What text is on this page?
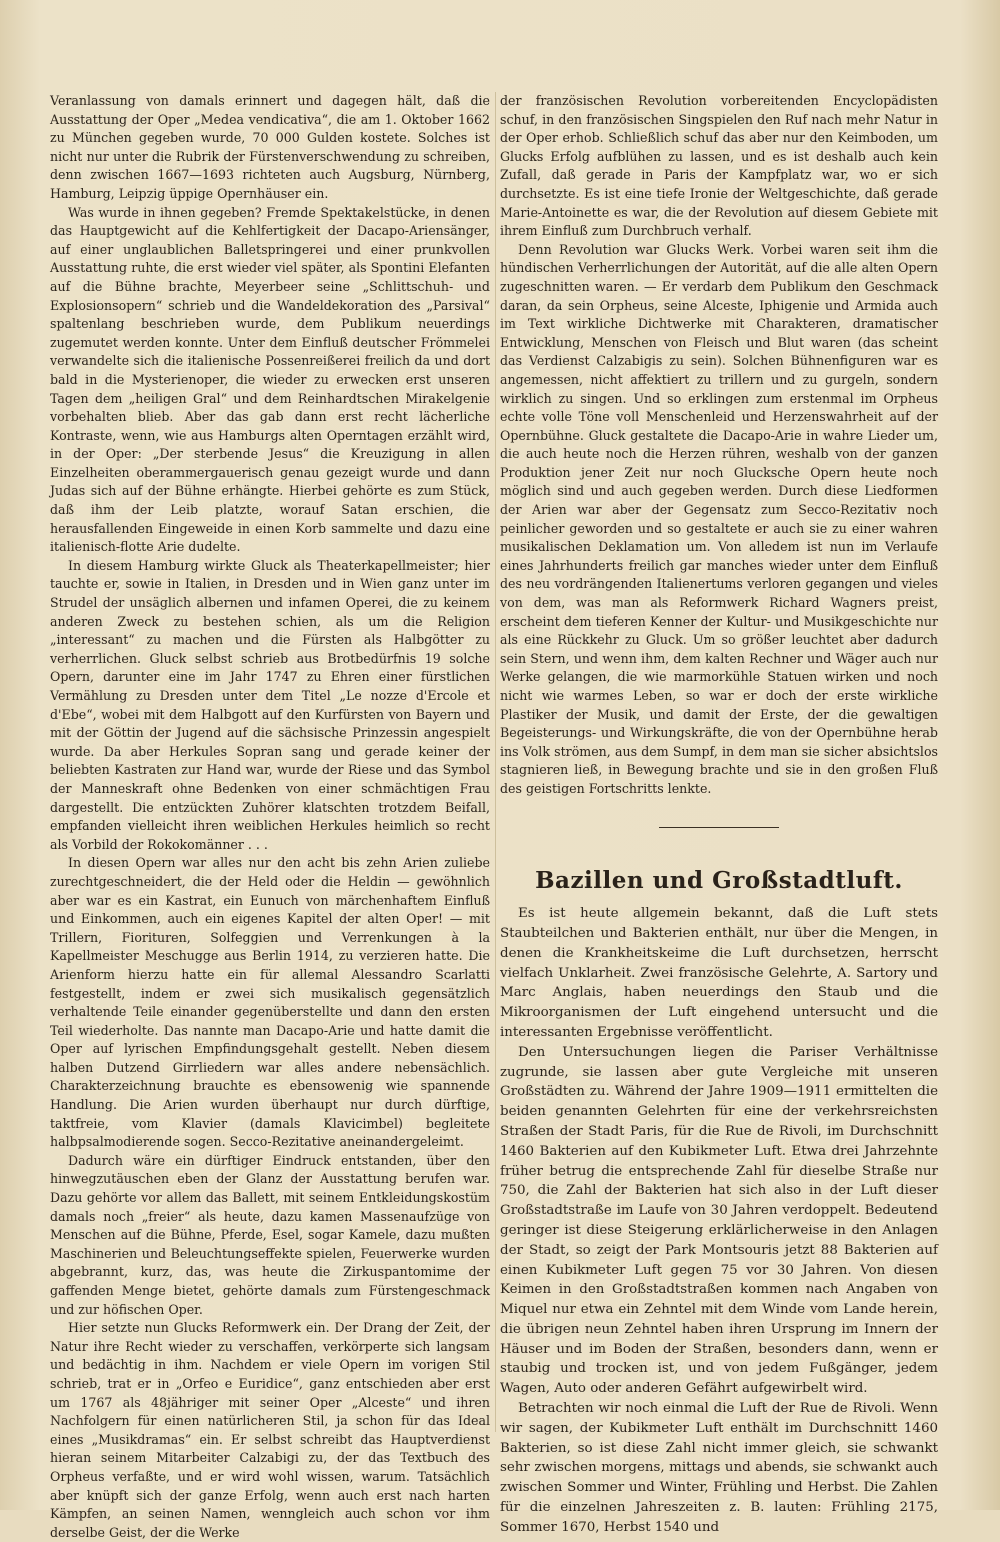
Veranlassung von damals erinnert und dagegen hält, daß die Ausstattung der Oper „Medea vendicativa“, die am 1. Oktober 1662 zu München gegeben wurde, 70 000 Gulden kostete. Solches ist nicht nur unter die Rubrik der Fürstenverschwendung zu schreiben, denn zwischen 1667—1693 richteten auch Augsburg, Nürnberg, Hamburg, Leipzig üppige Opernhäuser ein.

Was wurde in ihnen gegeben? Fremde Spektakelstücke, in denen das Hauptgewicht auf die Kehlfertigkeit der Dacapo-Ariensänger, auf einer unglaublichen Balletspringerei und einer prunkvollen Ausstattung ruhte, die erst wieder viel später, als Spontini Elefanten auf die Bühne brachte, Meyerbeer seine „Schlittschuh- und Explosionsopern“ schrieb und die Wandeldekoration des „Parsival“ spaltenlang beschrieben wurde, dem Publikum neuerdings zugemutet werden konnte. Unter dem Einfluß deutscher Frömmelei verwandelte sich die italienische Possenreißerei freilich da und dort bald in die Mysterienoper, die wieder zu erwecken erst unseren Tagen dem „heiligen Gral“ und dem Reinhardtschen Mirakelgenie vorbehalten blieb. Aber das gab dann erst recht lächerliche Kontraste, wenn, wie aus Hamburgs alten Operntagen erzählt wird, in der Oper: „Der sterbende Jesus“ die Kreuzigung in allen Einzelheiten oberammergauerisch genau gezeigt wurde und dann Judas sich auf der Bühne erhängte. Hierbei gehörte es zum Stück, daß ihm der Leib platzte, worauf Satan erschien, die herausfallenden Eingeweide in einen Korb sammelte und dazu eine italienisch-flotte Arie dudelte.

In diesem Hamburg wirkte Gluck als Theaterkapellmeister; hier tauchte er, sowie in Italien, in Dresden und in Wien ganz unter im Strudel der unsäglich albernen und infamen Operei, die zu keinem anderen Zweck zu bestehen schien, als um die Religion „interessant“ zu machen und die Fürsten als Halbgötter zu verherrlichen. Gluck selbst schrieb aus Brotbedürfnis 19 solche Opern, darunter eine im Jahr 1747 zu Ehren einer fürstlichen Vermählung zu Dresden unter dem Titel „Le nozze d'Ercole et d'Ebe“, wobei mit dem Halbgott auf den Kurfürsten von Bayern und mit der Göttin der Jugend auf die sächsische Prinzessin angespielt wurde. Da aber Herkules Sopran sang und gerade keiner der beliebten Kastraten zur Hand war, wurde der Riese und das Symbol der Manneskraft ohne Bedenken von einer schmächtigen Frau dargestellt. Die entzückten Zuhörer klatschten trotzdem Beifall, empfanden vielleicht ihren weiblichen Herkules heimlich so recht als Vorbild der Rokokomänner . . .

In diesen Opern war alles nur den acht bis zehn Arien zuliebe zurechtgeschneidert, die der Held oder die Heldin — gewöhnlich aber war es ein Kastrat, ein Eunuch von märchenhaftem Einfluß und Einkommen, auch ein eigenes Kapitel der alten Oper! — mit Trillern, Fiorituren, Solfeggien und Verrenkungen à la Kapellmeister Meschugge aus Berlin 1914, zu verzieren hatte. Die Arienform hierzu hatte ein für allemal Alessandro Scarlatti festgestellt, indem er zwei sich musikalisch gegensätzlich verhaltende Teile einander gegenüberstellte und dann den ersten Teil wiederholte. Das nannte man Dacapo-Arie und hatte damit die Oper auf lyrischen Empfindungsgehalt gestellt. Neben diesem halben Dutzend Girrliedern war alles andere nebensächlich. Charakterzeichnung brauchte es ebensowenig wie spannende Handlung. Die Arien wurden überhaupt nur durch dürftige, taktfreie, vom Klavier (damals Klavicimbel) begleitete halbpsalmodierende sogen. Secco-Rezitative aneinandergeleimt.

Dadurch wäre ein dürftiger Eindruck entstanden, über den hinwegzutäuschen eben der Glanz der Ausstattung berufen war. Dazu gehörte vor allem das Ballett, mit seinem Entkleidungskostüm damals noch „freier“ als heute, dazu kamen Massenaufzüge von Menschen auf die Bühne, Pferde, Esel, sogar Kamele, dazu mußten Maschinerien und Beleuchtungseffekte spielen, Feuerwerke wurden abgebrannt, kurz, das, was heute die Zirkuspantomime der gaffenden Menge bietet, gehörte damals zum Fürstengeschmack und zur höfischen Oper.

Hier setzte nun Glucks Reformwerk ein. Der Drang der Zeit, der Natur ihre Recht wieder zu verschaffen, verkörperte sich langsam und bedächtig in ihm. Nachdem er viele Opern im vorigen Stil schrieb, trat er in „Orfeo e Euridice“, ganz entschieden aber erst um 1767 als 48jähriger mit seiner Oper „Alceste“ und ihren Nachfolgern für einen natürlicheren Stil, ja schon für das Ideal eines „Musikdramas“ ein. Er selbst schreibt das Hauptverdienst hieran seinem Mitarbeiter Calzabigi zu, der das Textbuch des Orpheus verfaßte, und er wird wohl wissen, warum. Tatsächlich aber knüpft sich der ganze Erfolg, wenn auch erst nach harten Kämpfen, an seinen Namen, wenngleich auch schon vor ihm derselbe Geist, der die Werke

der französischen Revolution vorbereitenden Encyclopädisten schuf, in den französischen Singspielen den Ruf nach mehr Natur in der Oper erhob. Schließlich schuf das aber nur den Keimboden, um Glucks Erfolg aufblühen zu lassen, und es ist deshalb auch kein Zufall, daß gerade in Paris der Kampfplatz war, wo er sich durchsetzte. Es ist eine tiefe Ironie der Weltgeschichte, daß gerade Marie-Antoinette es war, die der Revolution auf diesem Gebiete mit ihrem Einfluß zum Durchbruch verhalf.

Denn Revolution war Glucks Werk. Vorbei waren seit ihm die hündischen Verherrlichungen der Autorität, auf die alle alten Opern zugeschnitten waren. — Er verdarb dem Publikum den Geschmack daran, da sein Orpheus, seine Alceste, Iphigenie und Armida auch im Text wirkliche Dichtwerke mit Charakteren, dramatischer Entwicklung, Menschen von Fleisch und Blut waren (das scheint das Verdienst Calzabigis zu sein). Solchen Bühnenfiguren war es angemessen, nicht affektiert zu trillern und zu gurgeln, sondern wirklich zu singen. Und so erklingen zum erstenmal im Orpheus echte volle Töne voll Menschenleid und Herzenswahrheit auf der Opernbühne. Gluck gestaltete die Dacapo-Arie in wahre Lieder um, die auch heute noch die Herzen rühren, weshalb von der ganzen Produktion jener Zeit nur noch Glucksche Opern heute noch möglich sind und auch gegeben werden. Durch diese Liedformen der Arien war aber der Gegensatz zum Secco-Rezitativ noch peinlicher geworden und so gestaltete er auch sie zu einer wahren musikalischen Deklamation um. Von alledem ist nun im Verlaufe eines Jahrhunderts freilich gar manches wieder unter dem Einfluß des neu vordrängenden Italienertums verloren gegangen und vieles von dem, was man als Reformwerk Richard Wagners preist, erscheint dem tieferen Kenner der Kultur- und Musikgeschichte nur als eine Rückkehr zu Gluck. Um so größer leuchtet aber dadurch sein Stern, und wenn ihm, dem kalten Rechner und Wäger auch nur Werke gelangen, die wie marmorkühle Statuen wirken und noch nicht wie warmes Leben, so war er doch der erste wirkliche Plastiker der Musik, und damit der Erste, der die gewaltigen Begeisterungs- und Wirkungskräfte, die von der Opernbühne herab ins Volk strömen, aus dem Sumpf, in dem man sie sicher absichtslos stagnieren ließ, in Bewegung brachte und sie in den großen Fluß des geistigen Fortschritts lenkte.

Bazillen und Großstadtluft.

Es ist heute allgemein bekannt, daß die Luft stets Staubteilchen und Bakterien enthält, nur über die Mengen, in denen die Krankheitskeime die Luft durchsetzen, herrscht vielfach Unklarheit. Zwei französische Gelehrte, A. Sartory und Marc Anglais, haben neuerdings den Staub und die Mikroorganismen der Luft eingehend untersucht und die interessanten Ergebnisse veröffentlicht.

Den Untersuchungen liegen die Pariser Verhältnisse zugrunde, sie lassen aber gute Vergleiche mit unseren Großstädten zu. Während der Jahre 1909—1911 ermittelten die beiden genannten Gelehrten für eine der verkehrsreichsten Straßen der Stadt Paris, für die Rue de Rivoli, im Durchschnitt 1460 Bakterien auf den Kubikmeter Luft. Etwa drei Jahrzehnte früher betrug die entsprechende Zahl für dieselbe Straße nur 750, die Zahl der Bakterien hat sich also in der Luft dieser Großstadtstraße im Laufe von 30 Jahren verdoppelt. Bedeutend geringer ist diese Steigerung erklärlicherweise in den Anlagen der Stadt, so zeigt der Park Montsouris jetzt 88 Bakterien auf einen Kubikmeter Luft gegen 75 vor 30 Jahren. Von diesen Keimen in den Großstadtstraßen kommen nach Angaben von Miquel nur etwa ein Zehntel mit dem Winde vom Lande herein, die übrigen neun Zehntel haben ihren Ursprung im Innern der Häuser und im Boden der Straßen, besonders dann, wenn er staubig und trocken ist, und von jedem Fußgänger, jedem Wagen, Auto oder anderen Gefährt aufgewirbelt wird.

Betrachten wir noch einmal die Luft der Rue de Rivoli. Wenn wir sagen, der Kubikmeter Luft enthält im Durchschnitt 1460 Bakterien, so ist diese Zahl nicht immer gleich, sie schwankt sehr zwischen morgens, mittags und abends, sie schwankt auch zwischen Sommer und Winter, Frühling und Herbst. Die Zahlen für die einzelnen Jahreszeiten z. B. lauten: Frühling 2175, Sommer 1670, Herbst 1540 und
